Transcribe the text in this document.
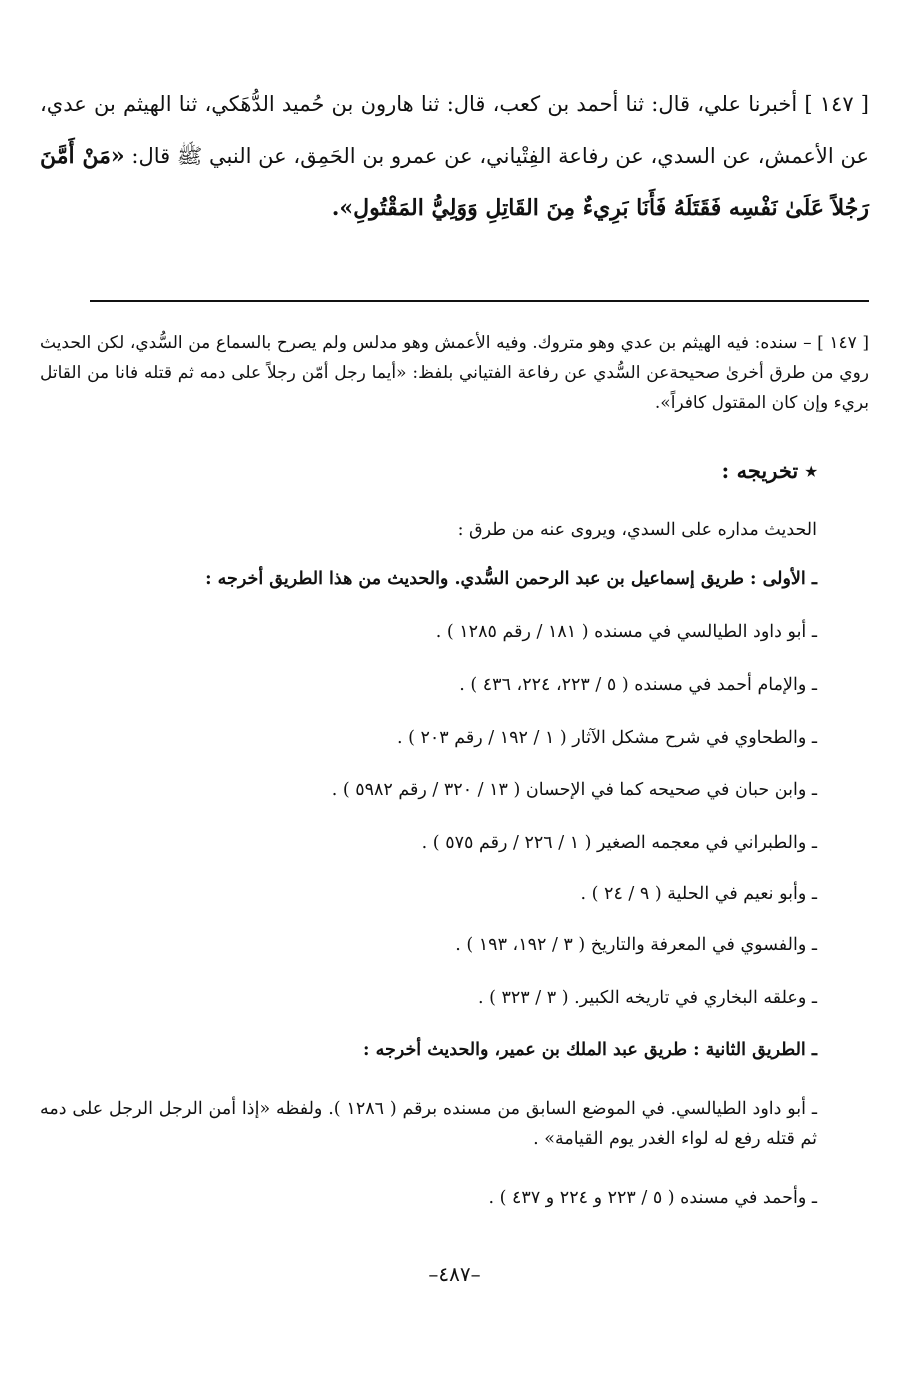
[ ١٤٧ ] أخبرنا علي، قال: ثنا أحمد بن كعب، قال: ثنا هارون بن حُميد الدُّهَكي، ثنا الهيثم بن عدي، عن الأعمش، عن السدي، عن رفاعة الفِتْياني، عن عمرو بن الحَمِق، عن النبي ﷺ قال: «مَنْ أَمَّنَ رَجُلاً عَلَىٰ نَفْسِه فَقَتَلَهُ فَأَنَا بَرِيءٌ مِنَ القَاتِلِ وَوَلِيُّ المَقْتُولِ».
[ ١٤٧ ] – سنده: فيه الهيثم بن عدي وهو متروك. وفيه الأعمش وهو مدلس ولم يصرح بالسماع من السُّدي، لكن الحديث روي من طرق أخرىٰ صحيحةعن السُّدي عن رفاعة الفتياني بلفظ: «أيما رجل أمّن رجلاً على دمه ثم قتله فانا من القاتل بريء وإن كان المقتول كافراً».
٭ تخريجه :
الحديث مداره على السدي، ويروى عنه من طرق :
ـ الأولى : طريق إسماعيل بن عبد الرحمن السُّدي. والحديث من هذا الطريق أخرجه :
ـ أبو داود الطيالسي في مسنده ( ١٨١ / رقم ١٢٨٥ ) .
ـ والإمام أحمد في مسنده ( ٥ / ٢٢٣، ٢٢٤، ٤٣٦ ) .
ـ والطحاوي في شرح مشكل الآثار ( ١ / ١٩٢ / رقم ٢٠٣ ) .
ـ وابن حبان في صحيحه كما في الإحسان ( ١٣ / ٣٢٠ / رقم ٥٩٨٢ ) .
ـ والطبراني في معجمه الصغير ( ١ / ٢٢٦ / رقم ٥٧٥ ) .
ـ وأبو نعيم في الحلية ( ٩ / ٢٤ ) .
ـ والفسوي في المعرفة والتاريخ ( ٣ / ١٩٢، ١٩٣ ) .
ـ وعلقه البخاري في تاريخه الكبير. ( ٣ / ٣٢٣ ) .
ـ الطريق الثانية : طريق عبد الملك بن عمير، والحديث أخرجه :
ـ أبو داود الطيالسي. في الموضع السابق من مسنده برقم ( ١٢٨٦ ). ولفظه «إذا أمن الرجل الرجل على دمه ثم قتله رفع له لواء الغدر يوم القيامة» .
ـ وأحمد في مسنده ( ٥ / ٢٢٣ و ٢٢٤ و ٤٣٧ ) .
–٤٨٧–
